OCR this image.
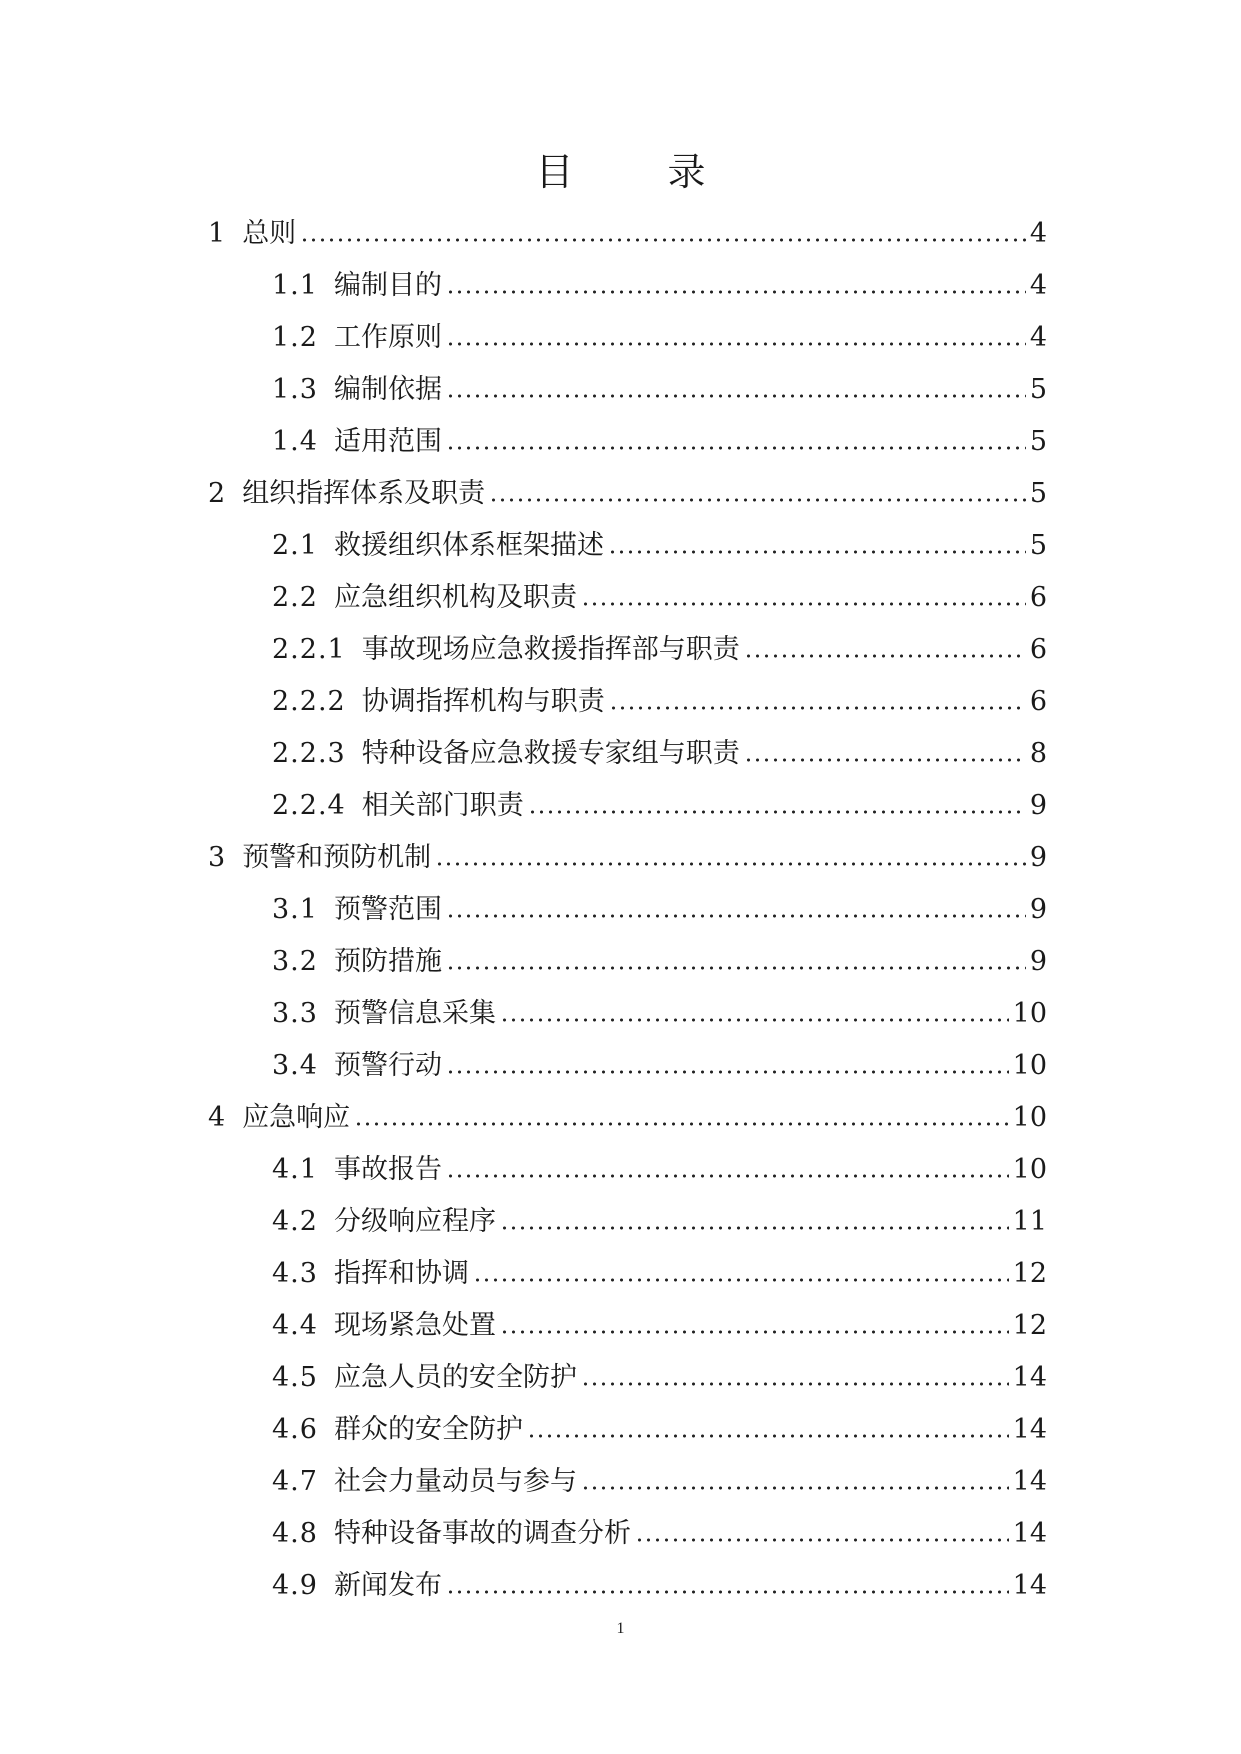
目　录
1 总则	4
1.1 编制目的	4
1.2 工作原则	4
1.3 编制依据	5
1.4 适用范围	5
2 组织指挥体系及职责	5
2.1 救援组织体系框架描述	5
2.2 应急组织机构及职责	6
2.2.1 事故现场应急救援指挥部与职责	6
2.2.2 协调指挥机构与职责	6
2.2.3 特种设备应急救援专家组与职责	8
2.2.4 相关部门职责	9
3 预警和预防机制	9
3.1 预警范围	9
3.2 预防措施	9
3.3 预警信息采集	10
3.4 预警行动	10
4 应急响应	10
4.1 事故报告	10
4.2 分级响应程序	11
4.3 指挥和协调	12
4.4 现场紧急处置	12
4.5 应急人员的安全防护	14
4.6 群众的安全防护	14
4.7 社会力量动员与参与	14
4.8 特种设备事故的调查分析	14
4.9 新闻发布	14
1
